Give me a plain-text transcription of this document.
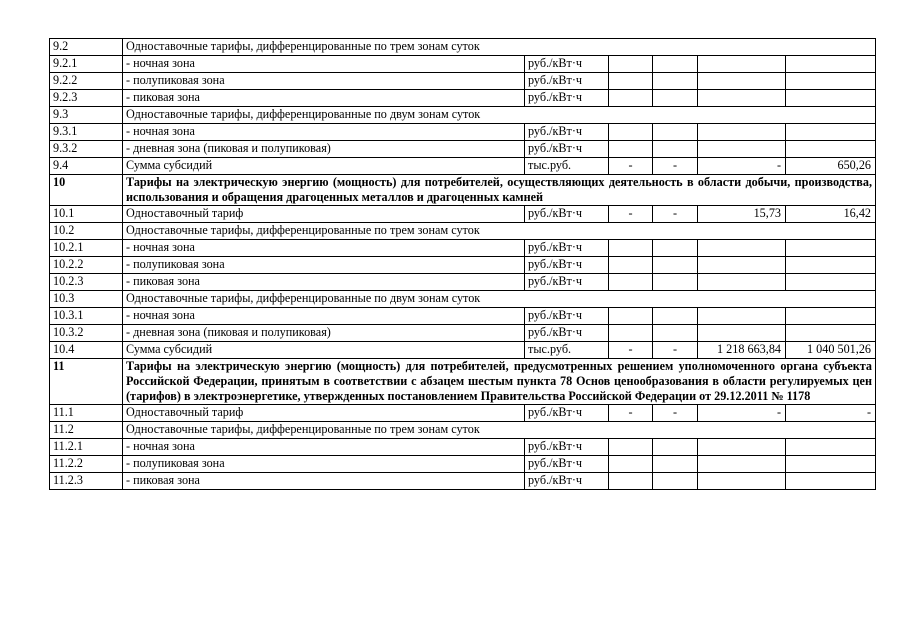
9.2	Одноставочные тарифы, дифференцированные по трем зонам суток					
9.2.1	- ночная зона	руб./кВт·ч				
9.2.2	- полупиковая зона	руб./кВт·ч				
9.2.3	- пиковая зона	руб./кВт·ч				
9.3	Одноставочные тарифы, дифференцированные по двум зонам суток					
9.3.1	- ночная зона	руб./кВт·ч				
9.3.2	- дневная зона (пиковая и полупиковая)	руб./кВт·ч				
9.4	Сумма субсидий	тыс.руб.	-	-	-	650,26
10	Тарифы на электрическую энергию (мощность) для потребителей, осуществляющих деятельность в области добычи, производства, использования и обращения драгоценных металлов и драгоценных камней					
10.1	Одноставочный тариф	руб./кВт·ч	-	-	15,73	16,42
10.2	Одноставочные тарифы, дифференцированные по трем зонам суток					
10.2.1	- ночная зона	руб./кВт·ч				
10.2.2	- полупиковая зона	руб./кВт·ч				
10.2.3	- пиковая зона	руб./кВт·ч				
10.3	Одноставочные тарифы, дифференцированные по двум зонам суток					
10.3.1	- ночная зона	руб./кВт·ч				
10.3.2	- дневная зона (пиковая и полупиковая)	руб./кВт·ч				
10.4	Сумма субсидий	тыс.руб.	-	-	1 218 663,84	1 040 501,26
11	Тарифы на электрическую энергию (мощность) для потребителей, предусмотренных решением уполномоченного органа субъекта Российской Федерации, принятым в соответствии с абзацем шестым пункта 78 Основ ценообразования в области регулируемых цен (тарифов) в электроэнергетике, утвержденных постановлением Правительства Российской Федерации от 29.12.2011 № 1178					
11.1	Одноставочный тариф	руб./кВт·ч	-	-	-	-
11.2	Одноставочные тарифы, дифференцированные по трем зонам суток					
11.2.1	- ночная зона	руб./кВт·ч				
11.2.2	- полупиковая зона	руб./кВт·ч				
11.2.3	- пиковая зона	руб./кВт·ч				
